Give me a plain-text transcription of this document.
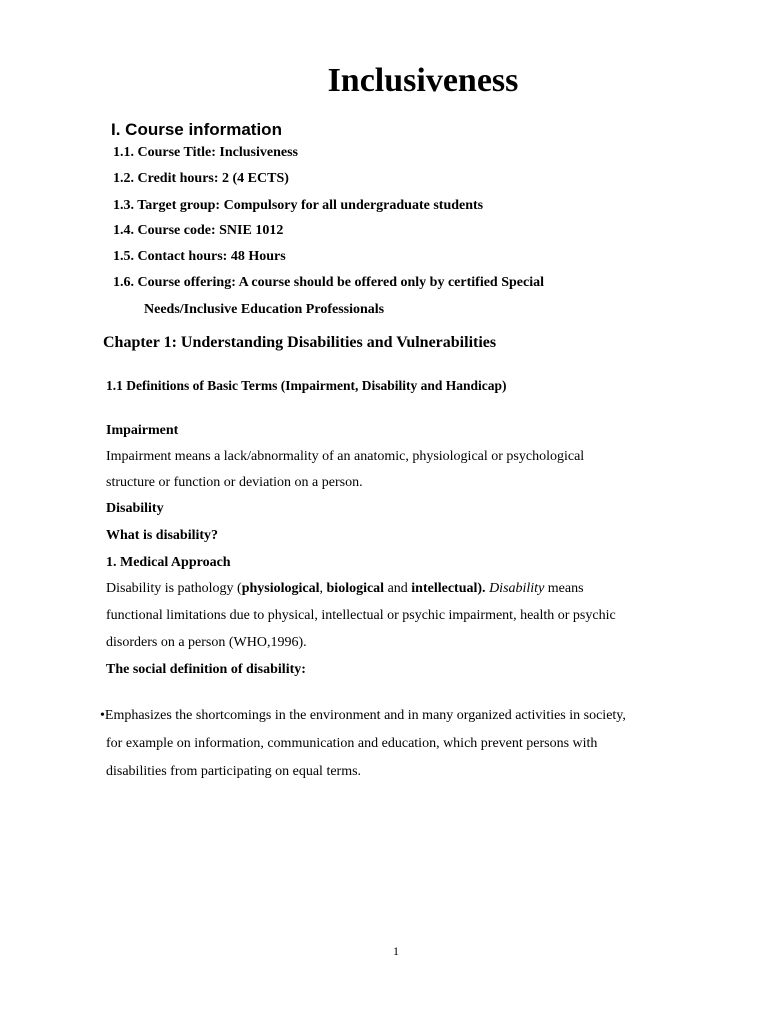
Inclusiveness
I. Course information
1.1. Course Title: Inclusiveness
1.2. Credit hours: 2 (4 ECTS)
1.3. Target group: Compulsory for all undergraduate students
1.4. Course code: SNIE 1012
1.5. Contact hours: 48 Hours
1.6. Course offering: A course should be offered only by certified Special
Needs/Inclusive Education Professionals
Chapter 1: Understanding Disabilities and Vulnerabilities
1.1 Definitions of Basic Terms (Impairment, Disability and Handicap)
Impairment
Impairment means a lack/abnormality of an anatomic, physiological or psychological
structure or function or deviation on a person.
Disability
What is disability?
1. Medical Approach
Disability is pathology (physiological, biological and intellectual). Disability means
functional limitations due to physical, intellectual or psychic impairment, health or psychic
disorders on a person (WHO,1996).
The social definition of disability:
•Emphasizes the shortcomings in the environment and in many organized activities in society,
for example on information, communication and education, which prevent persons with
disabilities from participating on equal terms.
1
